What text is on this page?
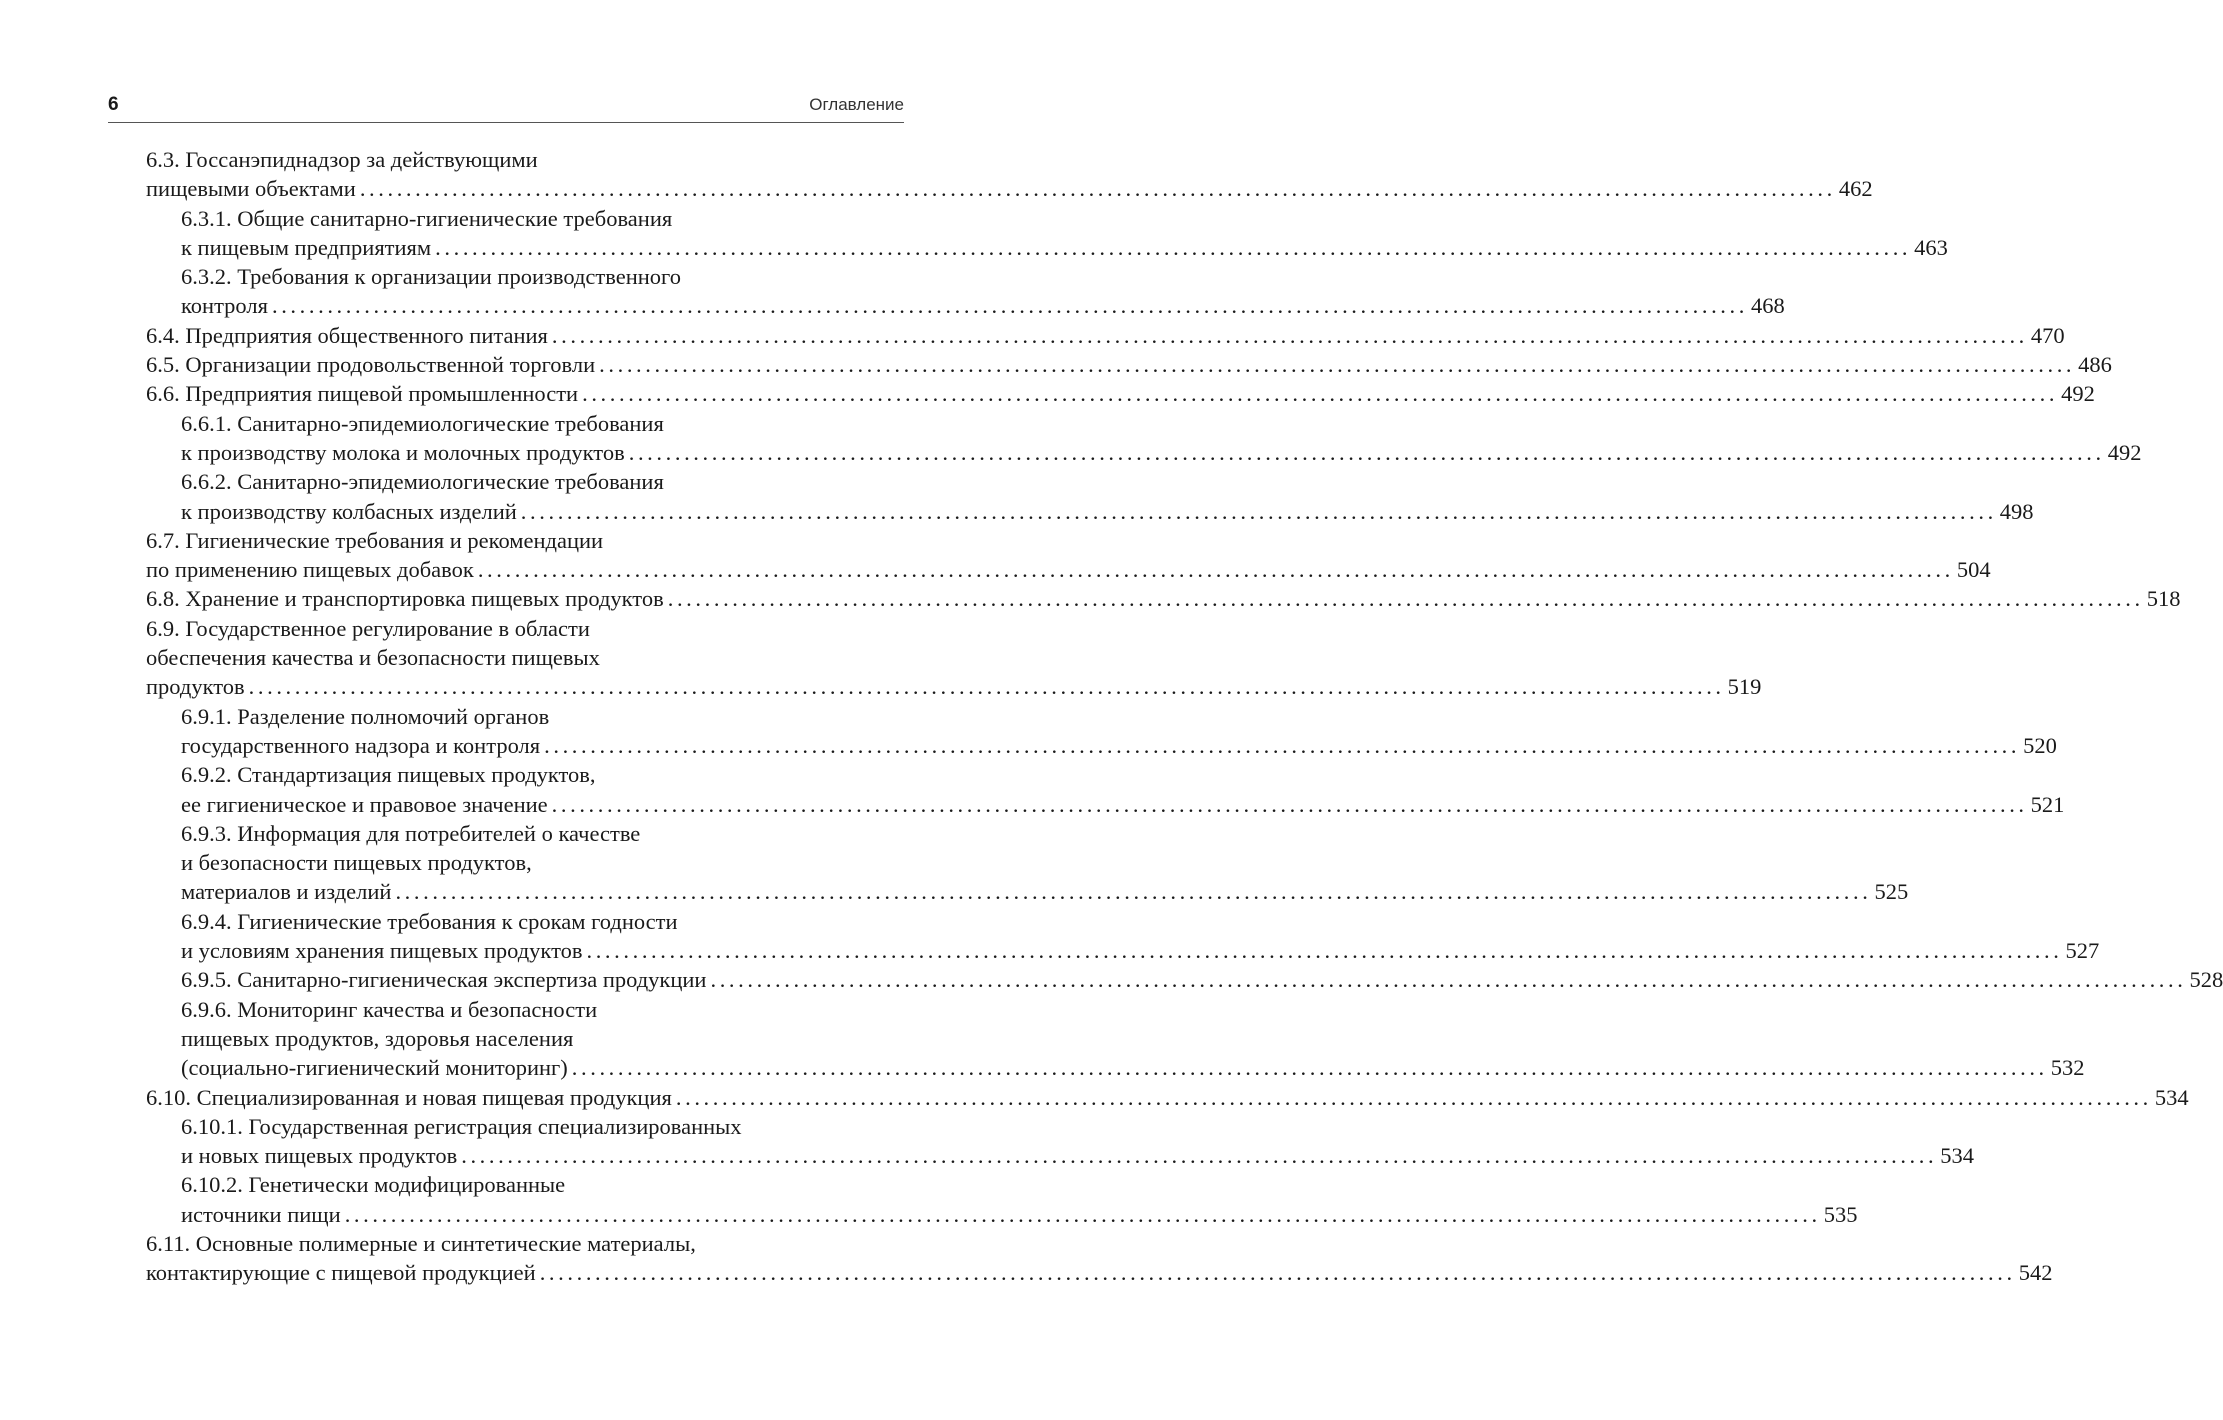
6	Оглавление
6.3. Госсанэпиднадзор за действующими
пищевыми объектами ................................................................................................................................................................ 462
6.3.1. Общие санитарно-гигиенические требования
к пищевым предприятиям ................................................................................................................................................................ 463
6.3.2. Требования к организации производственного
контроля ................................................................................................................................................................ 468
6.4. Предприятия общественного питания ................................................................................................................................................................ 470
6.5. Организации продовольственной торговли ................................................................................................................................................................ 486
6.6. Предприятия пищевой промышленности ................................................................................................................................................................ 492
6.6.1. Санитарно-эпидемиологические требования
к производству молока и молочных продуктов ................................................................................................................................................................ 492
6.6.2. Санитарно-эпидемиологические требования
к производству колбасных изделий ................................................................................................................................................................ 498
6.7. Гигиенические требования и рекомендации
по применению пищевых добавок ................................................................................................................................................................ 504
6.8. Хранение и транспортировка пищевых продуктов ................................................................................................................................................................ 518
6.9. Государственное регулирование в области
обеспечения качества и безопасности пищевых
продуктов ................................................................................................................................................................ 519
6.9.1. Разделение полномочий органов
государственного надзора и контроля ................................................................................................................................................................ 520
6.9.2. Стандартизация пищевых продуктов,
ее гигиеническое и правовое значение ................................................................................................................................................................ 521
6.9.3. Информация для потребителей о качестве
и безопасности пищевых продуктов,
материалов и изделий ................................................................................................................................................................ 525
6.9.4. Гигиенические требования к срокам годности
и условиям хранения пищевых продуктов ................................................................................................................................................................ 527
6.9.5. Санитарно-гигиеническая экспертиза продукции ................................................................................................................................................................ 528
6.9.6. Мониторинг качества и безопасности
пищевых продуктов, здоровья населения
(социально-гигиенический мониторинг) ................................................................................................................................................................ 532
6.10. Специализированная и новая пищевая продукция ................................................................................................................................................................ 534
6.10.1. Государственная регистрация специализированных
и новых пищевых продуктов ................................................................................................................................................................ 534
6.10.2. Генетически модифицированные
источники пищи ................................................................................................................................................................ 535
6.11. Основные полимерные и синтетические материалы,
контактирующие с пищевой продукцией ................................................................................................................................................................ 542
